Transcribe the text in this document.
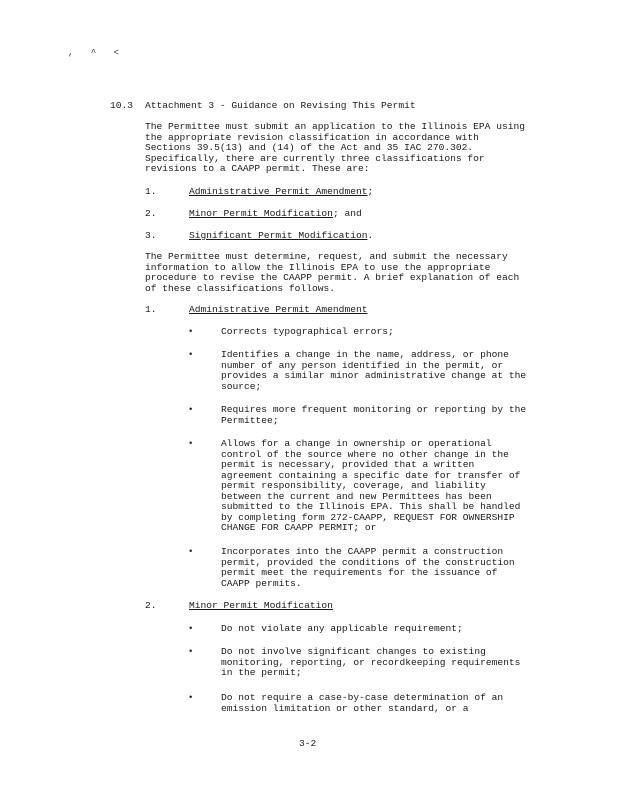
, ^ <
10.3 Attachment 3 - Guidance on Revising This Permit
The Permittee must submit an application to the Illinois EPA using
the appropriate revision classification in accordance with
Sections 39.5(13) and (14) of the Act and 35 IAC 270.302.
Specifically, there are currently three classifications for
revisions to a CAAPP permit. These are:
1.	Administrative Permit Amendment;
2.	Minor Permit Modification; and
3.	Significant Permit Modification.
The Permittee must determine, request, and submit the necessary
information to allow the Illinois EPA to use the appropriate
procedure to revise the CAAPP permit. A brief explanation of each
of these classifications follows.
1.	Administrative Permit Amendment
•	Corrects typographical errors;
•	Identifies a change in the name, address, or phone
number of any person identified in the permit, or
provides a similar minor administrative change at the
source;
•	Requires more frequent monitoring or reporting by the
Permittee;
•	Allows for a change in ownership or operational
control of the source where no other change in the
permit is necessary, provided that a written
agreement containing a specific date for transfer of
permit responsibility, coverage, and liability
between the current and new Permittees has been
submitted to the Illinois EPA. This shall be handled
by completing form 272-CAAPP, REQUEST FOR OWNERSHIP
CHANGE FOR CAAPP PERMIT; or
•	Incorporates into the CAAPP permit a construction
permit, provided the conditions of the construction
permit meet the requirements for the issuance of
CAAPP permits.
2.	Minor Permit Modification
•	Do not violate any applicable requirement;
•	Do not involve significant changes to existing
monitoring, reporting, or recordkeeping requirements
in the permit;
•	Do not require a case-by-case determination of an
emission limitation or other standard, or a
3-2
